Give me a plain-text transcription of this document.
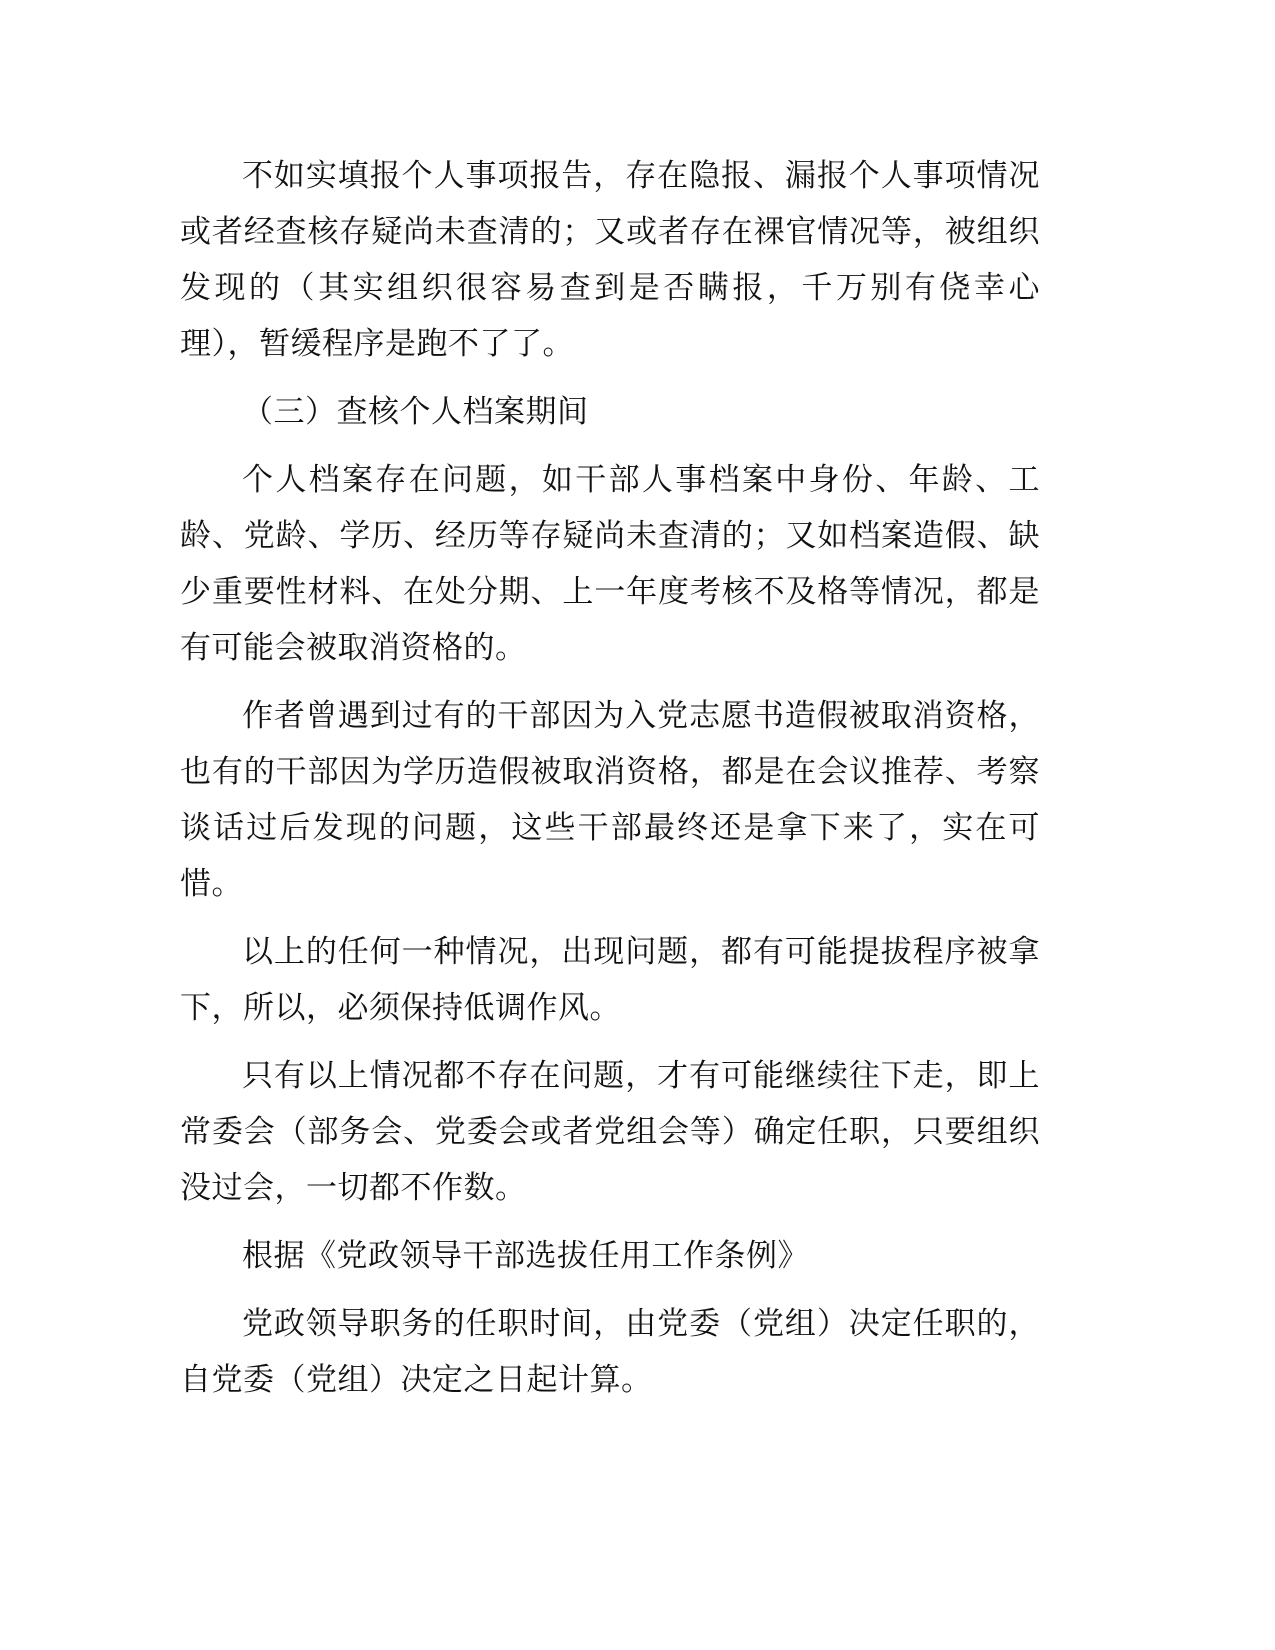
不如实填报个人事项报告，存在隐报、漏报个人事项情况或者经查核存疑尚未查清的；又或者存在裸官情况等，被组织发现的（其实组织很容易查到是否瞒报，千万别有侥幸心理），暂缓程序是跑不了了。

（三）查核个人档案期间

个人档案存在问题，如干部人事档案中身份、年龄、工龄、党龄、学历、经历等存疑尚未查清的；又如档案造假、缺少重要性材料、在处分期、上一年度考核不及格等情况，都是有可能会被取消资格的。

作者曾遇到过有的干部因为入党志愿书造假被取消资格，也有的干部因为学历造假被取消资格，都是在会议推荐、考察谈话过后发现的问题，这些干部最终还是拿下来了，实在可惜。

以上的任何一种情况，出现问题，都有可能提拔程序被拿下，所以，必须保持低调作风。

只有以上情况都不存在问题，才有可能继续往下走，即上常委会（部务会、党委会或者党组会等）确定任职，只要组织没过会，一切都不作数。

根据《党政领导干部选拔任用工作条例》

党政领导职务的任职时间，由党委（党组）决定任职的，自党委（党组）决定之日起计算。
